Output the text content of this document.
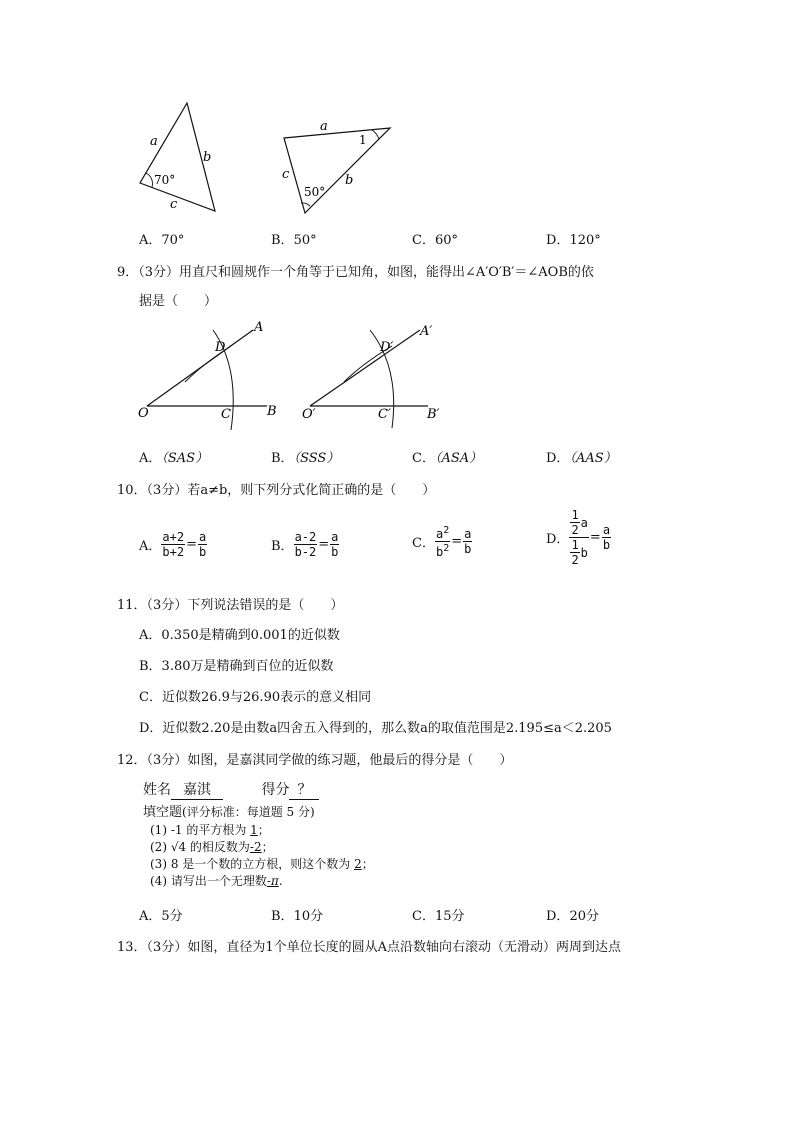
a
b
c
70°
a
1
c	b
50°
A．70°	B．50°	C．60°	D．120°
9．（3分）用直尺和圆规作一个角等于已知角，如图，能得出∠A′O′B′＝∠AOB的依
据是（　　）
O
A
B
C
D
O′
A′
B′
C′
D′
A．（SAS）	B．（SSS）	C．（ASA）	D．（AAS）
10．（3分）若a≠b，则下列分式化简正确的是（　　）
A． $\frac{a+2}{b+2} = \frac{a}{b}$	B． $\frac{a-2}{b-2} = \frac{a}{b}$	C． $\frac{a^2}{b^2} = \frac{a}{b}$	D． 1
2
a
1
2
$b = \frac{a}{b}$
11．（3分）下列说法错误的是（　　）
A．0.350是精确到0.001的近似数
B．3.80万是精确到百位的近似数
C．近似数26.9与26.90表示的意义相同
D．近似数2.20是由数a四舍五入得到的，那么数a的取值范围是2.195≤a＜2.205
12．（3分）如图，是嘉淇同学做的练习题，他最后的得分是（　　）
姓名 嘉淇	得分 ？
填空题(评分标准：每道题 5 分)
(1) -1 的平方根为 1；
(2) √4 的相反数为-2；
(3) 8 是一个数的立方根，则这个数为 2；
(4) 请写出一个无理数-π.
A．5分	B．10分	C．15分	D．20分
13．（3分）如图，直径为1个单位长度的圆从A点沿数轴向右滚动（无滑动）两周到达点
